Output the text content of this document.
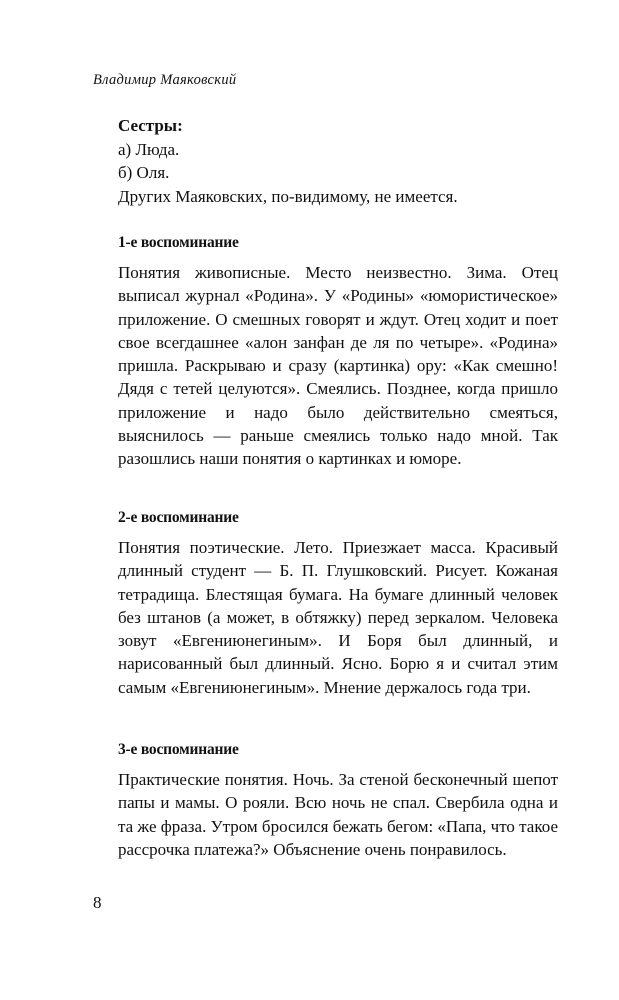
Владимир Маяковский
Сестры:
а) Люда.
б) Оля.
Других Маяковских, по-видимому, не имеется.
1-е воспоминание

Понятия живописные. Место неизвестно. Зима. Отец выписал журнал «Родина». У «Родины» «юмористическое» приложение. О смешных говорят и ждут. Отец ходит и поет свое всегдашнее «алон занфан де ля по четыре». «Родина» пришла. Раскрываю и сразу (картинка) ору: «Как смешно! Дядя с тетей целуются». Смеялись. Позднее, когда пришло приложение и надо было действительно смеяться, выяснилось — раньше смеялись только надо мной. Так разошлись наши понятия о картинках и юморе.

2-е воспоминание

Понятия поэтические. Лето. Приезжает масса. Красивый длинный студент — Б. П. Глушковский. Рисует. Кожаная тетрадища. Блестящая бумага. На бумаге длинный человек без штанов (а может, в обтяжку) перед зеркалом. Человека зовут «Евгениюнегиным». И Боря был длинный, и нарисованный был длинный. Ясно. Борю я и считал этим самым «Евгениюнегиным». Мнение держалось года три.

3-е воспоминание

Практические понятия. Ночь. За стеной бесконечный шепот папы и мамы. О рояли. Всю ночь не спал. Свербила одна и та же фраза. Утром бросился бежать бегом: «Папа, что такое рассрочка платежа?» Объяснение очень понравилось.

8
